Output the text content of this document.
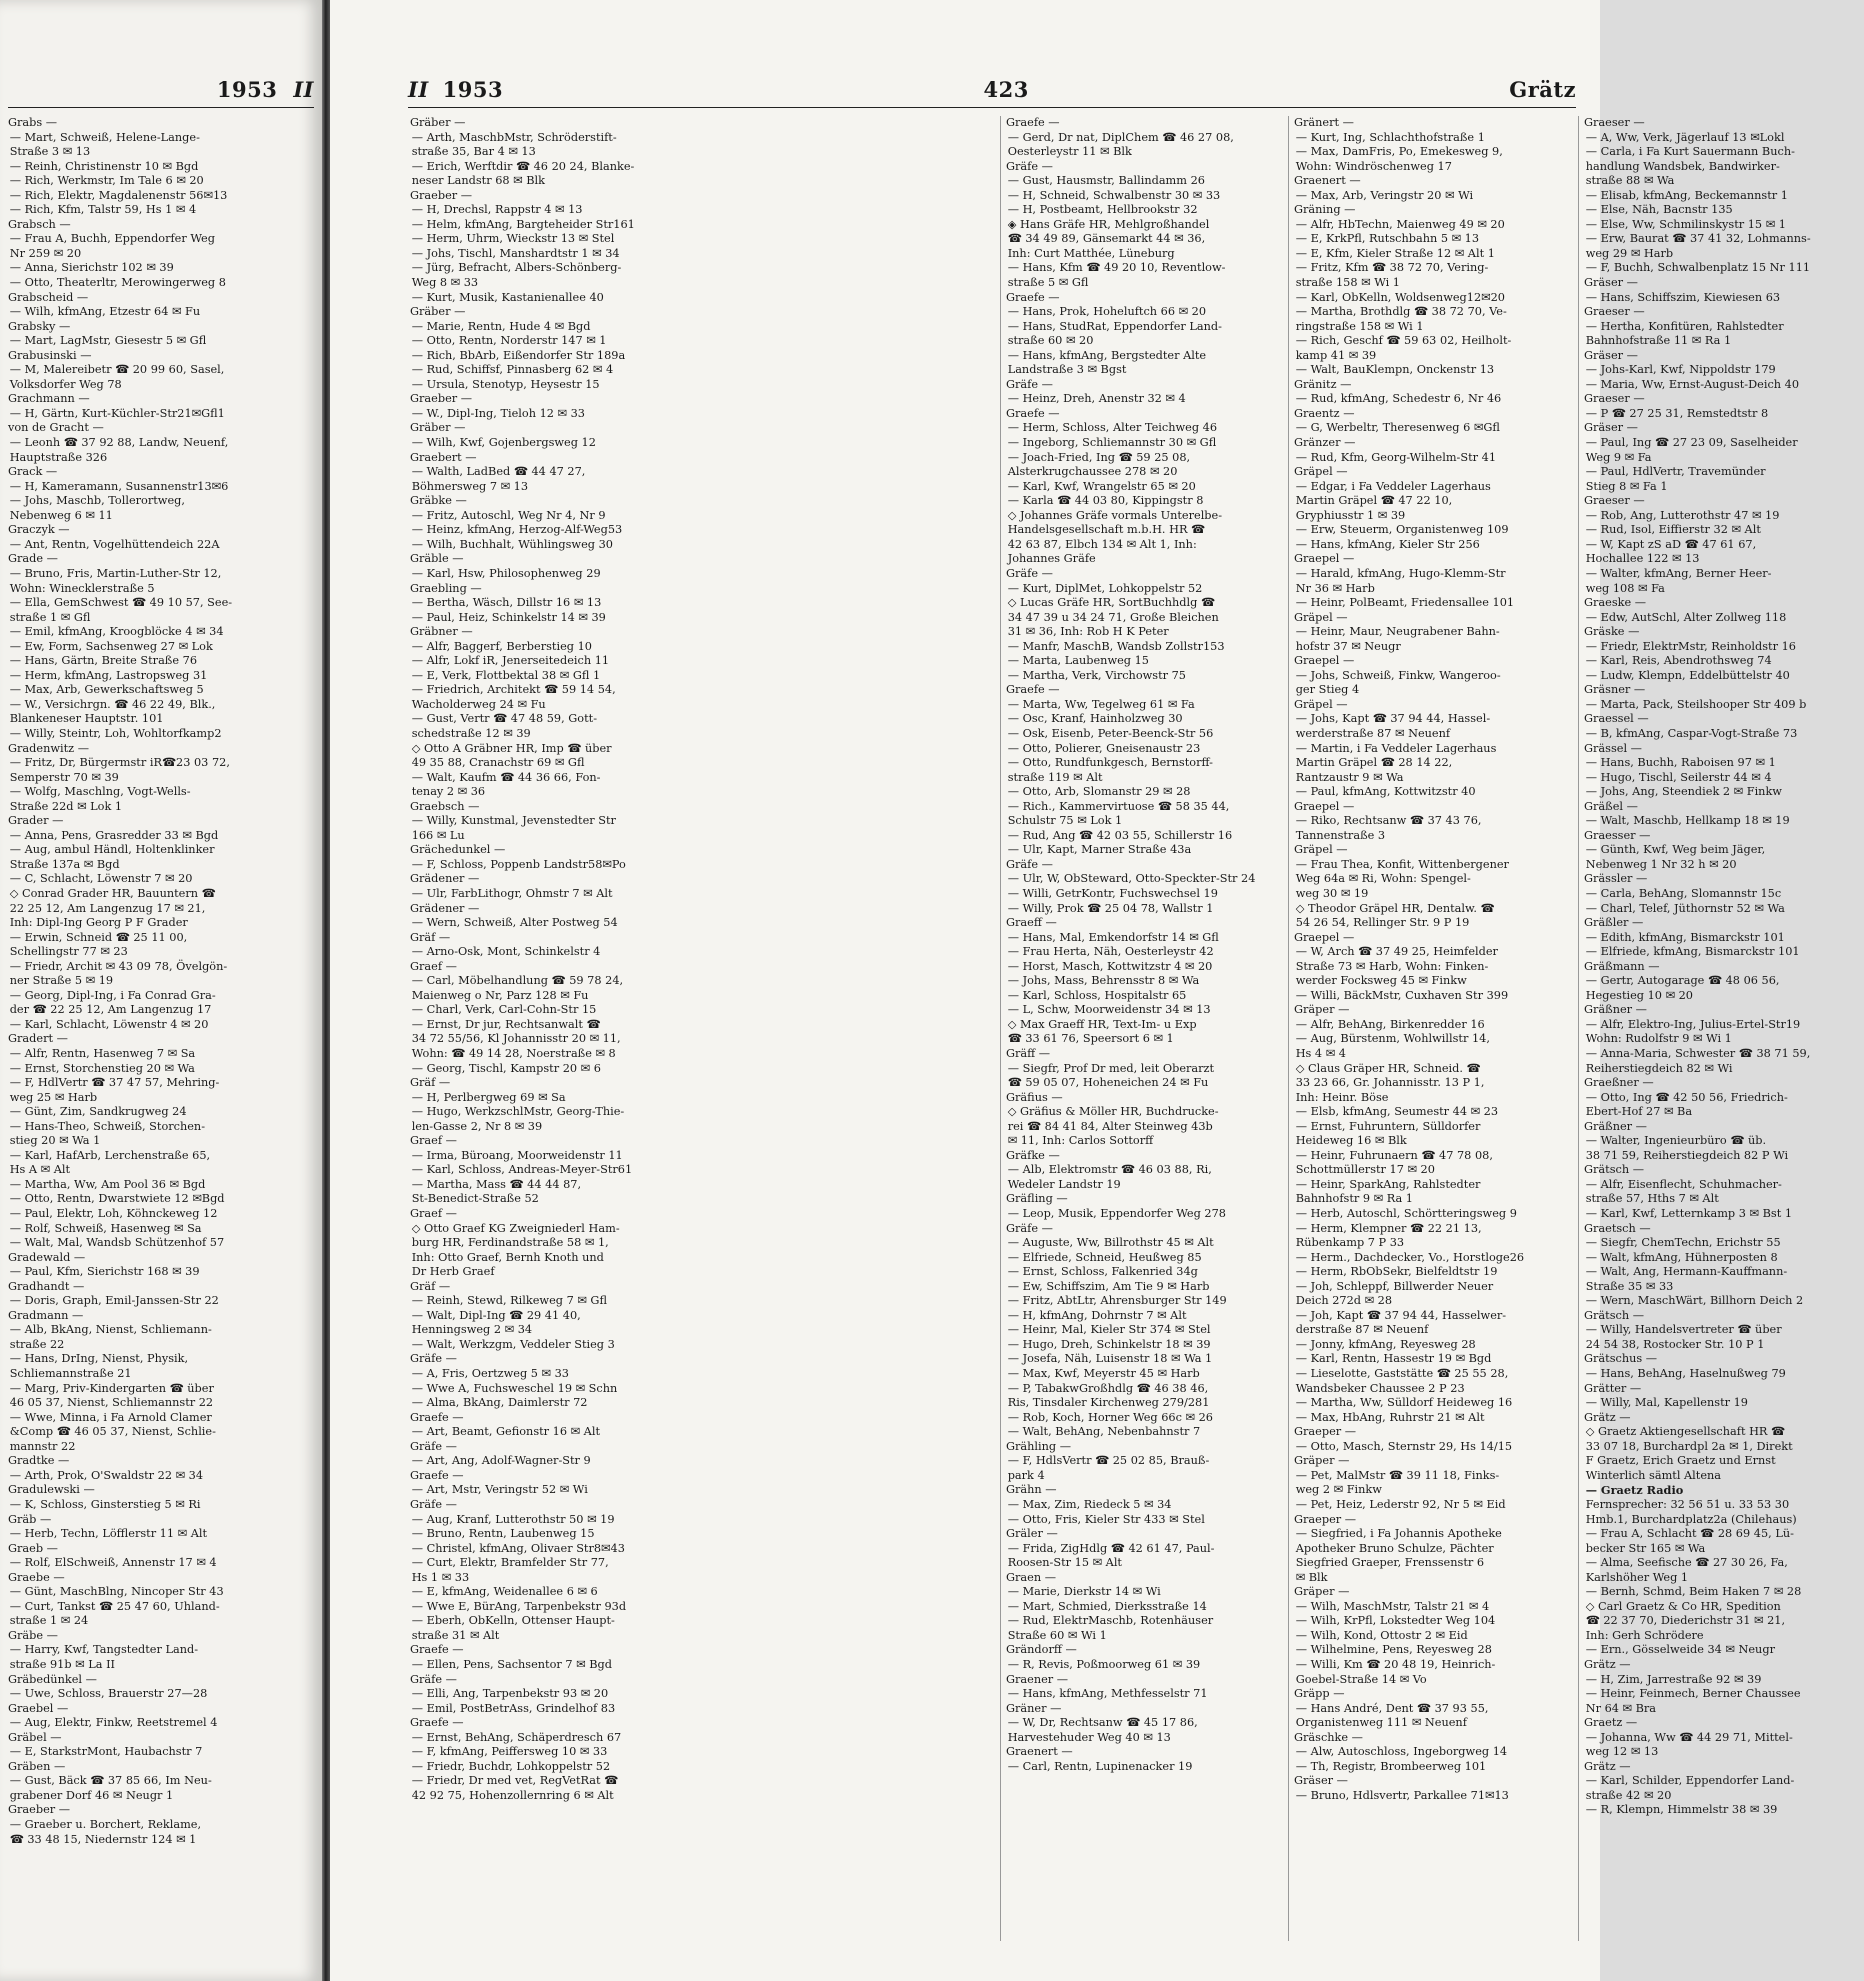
1953 II
Grabs —
— Mart, Schweiß, Helene-Lange-
Straße 3 ✉ 13
— Reinh, Christinenstr 10 ✉ Bgd
— Rich, Werkmstr, Im Tale 6 ✉ 20
— Rich, Elektr, Magdalenenstr 56✉13
— Rich, Kfm, Talstr 59, Hs 1 ✉ 4
Grabsch —
— Frau A, Buchh, Eppendorfer Weg
Nr 259 ✉ 20
— Anna, Sierichstr 102 ✉ 39
— Otto, Theaterltr, Merowingerweg 8
Grabscheid —
— Wilh, kfmAng, Etzestr 64 ✉ Fu
Grabsky —
— Mart, LagMstr, Giesestr 5 ✉ Gfl
Grabusinski —
— M, Malereibetr ☎ 20 99 60, Sasel,
Volksdorfer Weg 78
Grachmann —
— H, Gärtn, Kurt-Küchler-Str21✉Gfl1
von de Gracht —
— Leonh ☎ 37 92 88, Landw, Neuenf,
Hauptstraße 326
Grack —
— H, Kameramann, Susannenstr13✉6
— Johs, Maschb, Tollerortweg,
Nebenweg 6 ✉ 11
Graczyk —
— Ant, Rentn, Vogelhüttendeich 22A
Grade —
— Bruno, Fris, Martin-Luther-Str 12,
Wohn: Winecklerstraße 5
— Ella, GemSchwest ☎ 49 10 57, See-
straße 1 ✉ Gfl
— Emil, kfmAng, Kroogblöcke 4 ✉ 34
— Ew, Form, Sachsenweg 27 ✉ Lok
— Hans, Gärtn, Breite Straße 76
— Herm, kfmAng, Lastropsweg 31
— Max, Arb, Gewerkschaftsweg 5
— W., Versichrgn. ☎ 46 22 49, Blk.,
Blankeneser Hauptstr. 101
— Willy, Steintr, Loh, Wohltorfkamp2
Gradenwitz —
— Fritz, Dr, Bürgermstr iR☎23 03 72,
Semperstr 70 ✉ 39
— Wolfg, Maschlng, Vogt-Wells-
Straße 22d ✉ Lok 1
Grader —
— Anna, Pens, Grasredder 33 ✉ Bgd
— Aug, ambul Händl, Holtenklinker
Straße 137a ✉ Bgd
— C, Schlacht, Löwenstr 7 ✉ 20
◇ Conrad Grader HR, Bauuntern ☎
22 25 12, Am Langenzug 17 ✉ 21,
Inh: Dipl-Ing Georg P F Grader
— Erwin, Schneid ☎ 25 11 00,
Schellingstr 77 ✉ 23
— Friedr, Archit ✉ 43 09 78, Övelgön-
ner Straße 5 ✉ 19
— Georg, Dipl-Ing, i Fa Conrad Gra-
der ☎ 22 25 12, Am Langenzug 17
— Karl, Schlacht, Löwenstr 4 ✉ 20
Gradert —
— Alfr, Rentn, Hasenweg 7 ✉ Sa
— Ernst, Storchenstieg 20 ✉ Wa
— F, HdlVertr ☎ 37 47 57, Mehring-
weg 25 ✉ Harb
— Günt, Zim, Sandkrugweg 24
— Hans-Theo, Schweiß, Storchen-
stieg 20 ✉ Wa 1
— Karl, HafArb, Lerchenstraße 65,
Hs A ✉ Alt
— Martha, Ww, Am Pool 36 ✉ Bgd
— Otto, Rentn, Dwarstwiete 12 ✉Bgd
— Paul, Elektr, Loh, Köhnckeweg 12
— Rolf, Schweiß, Hasenweg ✉ Sa
— Walt, Mal, Wandsb Schützenhof 57
Gradewald —
— Paul, Kfm, Sierichstr 168 ✉ 39
Gradhandt —
— Doris, Graph, Emil-Janssen-Str 22
Gradmann —
— Alb, BkAng, Nienst, Schliemann-
straße 22
— Hans, DrIng, Nienst, Physik,
Schliemannstraße 21
— Marg, Priv-Kindergarten ☎ über
46 05 37, Nienst, Schliemannstr 22
— Wwe, Minna, i Fa Arnold Clamer
&Comp ☎ 46 05 37, Nienst, Schlie-
mannstr 22
Gradtke —
— Arth, Prok, O'Swaldstr 22 ✉ 34
Gradulewski —
— K, Schloss, Ginsterstieg 5 ✉ Ri
Gräb —
— Herb, Techn, Löfflerstr 11 ✉ Alt
Graeb —
— Rolf, ElSchweiß, Annenstr 17 ✉ 4
Graebe —
— Günt, MaschBlng, Nincoper Str 43
— Curt, Tankst ☎ 25 47 60, Uhland-
straße 1 ✉ 24
Gräbe —
— Harry, Kwf, Tangstedter Land-
straße 91b ✉ La II
Gräbedünkel —
— Uwe, Schloss, Brauerstr 27—28
Graebel —
— Aug, Elektr, Finkw, Reetstremel 4
Gräbel —
— E, StarkstrMont, Haubachstr 7
Gräben —
— Gust, Bäck ☎ 37 85 66, Im Neu-
grabener Dorf 46 ✉ Neugr 1
Graeber —
— Graeber u. Borchert, Reklame,
☎ 33 48 15, Niedernstr 124 ✉ 1
II 1953	423	Grätz
Gräber —
— Arth, MaschbMstr, Schröderstift-
straße 35, Bar 4 ✉ 13
— Erich, Werftdir ☎ 46 20 24, Blanke-
neser Landstr 68 ✉ Blk
Graeber —
— H, Drechsl, Rappstr 4 ✉ 13
— Helm, kfmAng, Bargteheider Str161
— Herm, Uhrm, Wieckstr 13 ✉ Stel
— Johs, Tischl, Manshardtstr 1 ✉ 34
— Jürg, Befracht, Albers-Schönberg-
Weg 8 ✉ 33
— Kurt, Musik, Kastanienallee 40
Gräber —
— Marie, Rentn, Hude 4 ✉ Bgd
— Otto, Rentn, Norderstr 147 ✉ 1
— Rich, BbArb, Eißendorfer Str 189a
— Rud, Schiffsf, Pinnasberg 62 ✉ 4
— Ursula, Stenotyp, Heysestr 15
Graeber —
— W., Dipl-Ing, Tieloh 12 ✉ 33
Gräber —
— Wilh, Kwf, Gojenbergsweg 12
Graebert —
— Walth, LadBed ☎ 44 47 27,
Böhmersweg 7 ✉ 13
Gräbke —
— Fritz, Autoschl, Weg Nr 4, Nr 9
— Heinz, kfmAng, Herzog-Alf-Weg53
— Wilh, Buchhalt, Wühlingsweg 30
Gräble —
— Karl, Hsw, Philosophenweg 29
Graebling —
— Bertha, Wäsch, Dillstr 16 ✉ 13
— Paul, Heiz, Schinkelstr 14 ✉ 39
Gräbner —
— Alfr, Baggerf, Berberstieg 10
— Alfr, Lokf iR, Jenerseitedeich 11
— E, Verk, Flottbektal 38 ✉ Gfl 1
— Friedrich, Architekt ☎ 59 14 54,
Wacholderweg 24 ✉ Fu
— Gust, Vertr ☎ 47 48 59, Gott-
schedstraße 12 ✉ 39
◇ Otto A Gräbner HR, Imp ☎ über
49 35 88, Cranachstr 69 ✉ Gfl
— Walt, Kaufm ☎ 44 36 66, Fon-
tenay 2 ✉ 36
Graebsch —
— Willy, Kunstmal, Jevenstedter Str
166 ✉ Lu
Grächedunkel —
— F, Schloss, Poppenb Landstr58✉Po
Grädener —
— Ulr, FarbLithogr, Ohmstr 7 ✉ Alt
Grädener —
— Wern, Schweiß, Alter Postweg 54
Gräf —
— Arno-Osk, Mont, Schinkelstr 4
Graef —
— Carl, Möbelhandlung ☎ 59 78 24,
Maienweg o Nr, Parz 128 ✉ Fu
— Charl, Verk, Carl-Cohn-Str 15
— Ernst, Dr jur, Rechtsanwalt ☎
34 72 55/56, Kl Johannisstr 20 ✉ 11,
Wohn: ☎ 49 14 28, Noerstraße ✉ 8
— Georg, Tischl, Kampstr 20 ✉ 6
Gräf —
— H, Perlbergweg 69 ✉ Sa
— Hugo, WerkzschlMstr, Georg-Thie-
len-Gasse 2, Nr 8 ✉ 39
Graef —
— Irma, Büroang, Moorweidenstr 11
— Karl, Schloss, Andreas-Meyer-Str61
— Martha, Mass ☎ 44 44 87,
St-Benedict-Straße 52
Graef —
◇ Otto Graef KG Zweigniederl Ham-
burg HR, Ferdinandstraße 58 ✉ 1,
Inh: Otto Graef, Bernh Knoth und
Dr Herb Graef
Gräf —
— Reinh, Stewd, Rilkeweg 7 ✉ Gfl
— Walt, Dipl-Ing ☎ 29 41 40,
Henningsweg 2 ✉ 34
— Walt, Werkzgm, Veddeler Stieg 3
Gräfe —
— A, Fris, Oertzweg 5 ✉ 33
— Wwe A, Fuchsweschel 19 ✉ Schn
— Alma, BkAng, Daimlerstr 72
Graefe —
— Art, Beamt, Gefionstr 16 ✉ Alt
Gräfe —
— Art, Ang, Adolf-Wagner-Str 9
Graefe —
— Art, Mstr, Veringstr 52 ✉ Wi
Gräfe —
— Aug, Kranf, Lutterothstr 50 ✉ 19
— Bruno, Rentn, Laubenweg 15
— Christel, kfmAng, Olivaer Str8✉43
— Curt, Elektr, Bramfelder Str 77,
Hs 1 ✉ 33
— E, kfmAng, Weidenallee 6 ✉ 6
— Wwe E, BürAng, Tarpenbekstr 93d
— Eberh, ObKelln, Ottenser Haupt-
straße 31 ✉ Alt
Graefe —
— Ellen, Pens, Sachsentor 7 ✉ Bgd
Gräfe —
— Elli, Ang, Tarpenbekstr 93 ✉ 20
— Emil, PostBetrAss, Grindelhof 83
Graefe —
— Ernst, BehAng, Schäperdresch 67
— F, kfmAng, Peiffersweg 10 ✉ 33
— Friedr, Buchdr, Lohkoppelstr 52
— Friedr, Dr med vet, RegVetRat ☎
42 92 75, Hohenzollernring 6 ✉ Alt
Graefe —
— Gerd, Dr nat, DiplChem ☎ 46 27 08,
Oesterleystr 11 ✉ Blk
Gräfe —
— Gust, Hausmstr, Ballindamm 26
— H, Schneid, Schwalbenstr 30 ✉ 33
— H, Postbeamt, Hellbrookstr 32
◈ Hans Gräfe HR, Mehlgroßhandel
☎ 34 49 89, Gänsemarkt 44 ✉ 36,
Inh: Curt Matthée, Lüneburg
— Hans, Kfm ☎ 49 20 10, Reventlow-
straße 5 ✉ Gfl
Graefe —
— Hans, Prok, Hoheluftch 66 ✉ 20
— Hans, StudRat, Eppendorfer Land-
straße 60 ✉ 20
— Hans, kfmAng, Bergstedter Alte
Landstraße 3 ✉ Bgst
Gräfe —
— Heinz, Dreh, Anenstr 32 ✉ 4
Graefe —
— Herm, Schloss, Alter Teichweg 46
— Ingeborg, Schliemannstr 30 ✉ Gfl
— Joach-Fried, Ing ☎ 59 25 08,
Alsterkrugchaussee 278 ✉ 20
— Karl, Kwf, Wrangelstr 65 ✉ 20
— Karla ☎ 44 03 80, Kippingstr 8
◇ Johannes Gräfe vormals Unterelbe-
Handelsgesellschaft m.b.H. HR ☎
42 63 87, Elbch 134 ✉ Alt 1, Inh:
Johannes Gräfe
Gräfe —
— Kurt, DiplMet, Lohkoppelstr 52
◇ Lucas Gräfe HR, SortBuchhdlg ☎
34 47 39 u 34 24 71, Große Bleichen
31 ✉ 36, Inh: Rob H K Peter
— Manfr, MaschB, Wandsb Zollstr153
— Marta, Laubenweg 15
— Martha, Verk, Virchowstr 75
Graefe —
— Marta, Ww, Tegelweg 61 ✉ Fa
— Osc, Kranf, Hainholzweg 30
— Osk, Eisenb, Peter-Beenck-Str 56
— Otto, Polierer, Gneisenaustr 23
— Otto, Rundfunkgesch, Bernstorff-
straße 119 ✉ Alt
— Otto, Arb, Slomanstr 29 ✉ 28
— Rich., Kammervirtuose ☎ 58 35 44,
Schulstr 75 ✉ Lok 1
— Rud, Ang ☎ 42 03 55, Schillerstr 16
— Ulr, Kapt, Marner Straße 43a
Gräfe —
— Ulr, W, ObSteward, Otto-Speckter-Str 24
— Willi, GetrKontr, Fuchswechsel 19
— Willy, Prok ☎ 25 04 78, Wallstr 1
Graeff —
— Hans, Mal, Emkendorfstr 14 ✉ Gfl
— Frau Herta, Näh, Oesterleystr 42
— Horst, Masch, Kottwitzstr 4 ✉ 20
— Johs, Mass, Behrensstr 8 ✉ Wa
— Karl, Schloss, Hospitalstr 65
— L, Schw, Moorweidenstr 34 ✉ 13
◇ Max Graeff HR, Text-Im- u Exp
☎ 33 61 76, Speersort 6 ✉ 1
Gräff —
— Siegfr, Prof Dr med, leit Oberarzt
☎ 59 05 07, Hoheneichen 24 ✉ Fu
Gräfius —
◇ Gräfius & Möller HR, Buchdrucke-
rei ☎ 84 41 84, Alter Steinweg 43b
✉ 11, Inh: Carlos Sottorff
Gräfke —
— Alb, Elektromstr ☎ 46 03 88, Ri,
Wedeler Landstr 19
Gräfling —
— Leop, Musik, Eppendorfer Weg 278
Gräfe —
— Auguste, Ww, Billrothstr 45 ✉ Alt
— Elfriede, Schneid, Heußweg 85
— Ernst, Schloss, Falkenried 34g
— Ew, Schiffszim, Am Tie 9 ✉ Harb
— Fritz, AbtLtr, Ahrensburger Str 149
— H, kfmAng, Dohrnstr 7 ✉ Alt
— Heinr, Mal, Kieler Str 374 ✉ Stel
— Hugo, Dreh, Schinkelstr 18 ✉ 39
— Josefa, Näh, Luisenstr 18 ✉ Wa 1
— Max, Kwf, Meyerstr 45 ✉ Harb
— P, TabakwGroßhdlg ☎ 46 38 46,
Ris, Tinsdaler Kirchenweg 279/281
— Rob, Koch, Horner Weg 66c ✉ 26
— Walt, BehAng, Nebenbahnstr 7
Grähling —
— F, HdlsVertr ☎ 25 02 85, Brauß-
park 4
Grähn —
— Max, Zim, Riedeck 5 ✉ 34
— Otto, Fris, Kieler Str 433 ✉ Stel
Gräler —
— Frida, ZigHdlg ☎ 42 61 47, Paul-
Roosen-Str 15 ✉ Alt
Graen —
— Marie, Dierkstr 14 ✉ Wi
— Mart, Schmied, Dierksstraße 14
— Rud, ElektrMaschb, Rotenhäuser
Straße 60 ✉ Wi 1
Grändorff —
— R, Revis, Poßmoorweg 61 ✉ 39
Graener —
— Hans, kfmAng, Methfesselstr 71
Gräner —
— W, Dr, Rechtsanw ☎ 45 17 86,
Harvestehuder Weg 40 ✉ 13
Graenert —
— Carl, Rentn, Lupinenacker 19
Gränert —
— Kurt, Ing, Schlachthofstraße 1
— Max, DamFris, Po, Emekesweg 9,
Wohn: Windröschenweg 17
Graenert —
— Max, Arb, Veringstr 20 ✉ Wi
Gräning —
— Alfr, HbTechn, Maienweg 49 ✉ 20
— E, KrkPfl, Rutschbahn 5 ✉ 13
— E, Kfm, Kieler Straße 12 ✉ Alt 1
— Fritz, Kfm ☎ 38 72 70, Vering-
straße 158 ✉ Wi 1
— Karl, ObKelln, Woldsenweg12✉20
— Martha, Brothdlg ☎ 38 72 70, Ve-
ringstraße 158 ✉ Wi 1
— Rich, Geschf ☎ 59 63 02, Heilholt-
kamp 41 ✉ 39
— Walt, BauKlempn, Onckenstr 13
Gränitz —
— Rud, kfmAng, Schedestr 6, Nr 46
Graentz —
— G, Werbeltr, Theresenweg 6 ✉Gfl
Gränzer —
— Rud, Kfm, Georg-Wilhelm-Str 41
Gräpel —
— Edgar, i Fa Veddeler Lagerhaus
Martin Gräpel ☎ 47 22 10,
Gryphiusstr 1 ✉ 39
— Erw, Steuerm, Organistenweg 109
— Hans, kfmAng, Kieler Str 256
Graepel —
— Harald, kfmAng, Hugo-Klemm-Str
Nr 36 ✉ Harb
— Heinr, PolBeamt, Friedensallee 101
Gräpel —
— Heinr, Maur, Neugrabener Bahn-
hofstr 37 ✉ Neugr
Graepel —
— Johs, Schweiß, Finkw, Wangeroo-
ger Stieg 4
Gräpel —
— Johs, Kapt ☎ 37 94 44, Hassel-
werderstraße 87 ✉ Neuenf
— Martin, i Fa Veddeler Lagerhaus
Martin Gräpel ☎ 28 14 22,
Rantzaustr 9 ✉ Wa
— Paul, kfmAng, Kottwitzstr 40
Graepel —
— Riko, Rechtsanw ☎ 37 43 76,
Tannenstraße 3
Gräpel —
— Frau Thea, Konfit, Wittenbergener
Weg 64a ✉ Ri, Wohn: Spengel-
weg 30 ✉ 19
◇ Theodor Gräpel HR, Dentalw. ☎
54 26 54, Rellinger Str. 9 P 19
Graepel —
— W, Arch ☎ 37 49 25, Heimfelder
Straße 73 ✉ Harb, Wohn: Finken-
werder Focksweg 45 ✉ Finkw
— Willi, BäckMstr, Cuxhaven Str 399
Gräper —
— Alfr, BehAng, Birkenredder 16
— Aug, Bürstenm, Wohlwillstr 14,
Hs 4 ✉ 4
◇ Claus Gräper HR, Schneid. ☎
33 23 66, Gr. Johannisstr. 13 P 1,
Inh: Heinr. Böse
— Elsb, kfmAng, Seumestr 44 ✉ 23
— Ernst, Fuhruntern, Sülldorfer
Heideweg 16 ✉ Blk
— Heinr, Fuhrunaern ☎ 47 78 08,
Schottmüllerstr 17 ✉ 20
— Heinr, SparkAng, Rahlstedter
Bahnhofstr 9 ✉ Ra 1
— Herb, Autoschl, Schörtteringsweg 9
— Herm, Klempner ☎ 22 21 13,
Rübenkamp 7 P 33
— Herm., Dachdecker, Vo., Horstloge26
— Herm, RbObSekr, Bielfeldtstr 19
— Joh, Schleppf, Billwerder Neuer
Deich 272d ✉ 28
— Joh, Kapt ☎ 37 94 44, Hasselwer-
derstraße 87 ✉ Neuenf
— Jonny, kfmAng, Reyesweg 28
— Karl, Rentn, Hassestr 19 ✉ Bgd
— Lieselotte, Gaststätte ☎ 25 55 28,
Wandsbeker Chaussee 2 P 23
— Martha, Ww, Sülldorf Heideweg 16
— Max, HbAng, Ruhrstr 21 ✉ Alt
Graeper —
— Otto, Masch, Sternstr 29, Hs 14/15
Gräper —
— Pet, MalMstr ☎ 39 11 18, Finks-
weg 2 ✉ Finkw
— Pet, Heiz, Lederstr 92, Nr 5 ✉ Eid
Graeper —
— Siegfried, i Fa Johannis Apotheke
Apotheker Bruno Schulze, Pächter
Siegfried Graeper, Frenssenstr 6
✉ Blk
Gräper —
— Wilh, MaschMstr, Talstr 21 ✉ 4
— Wilh, KrPfl, Lokstedter Weg 104
— Wilh, Kond, Ottostr 2 ✉ Eid
— Wilhelmine, Pens, Reyesweg 28
— Willi, Km ☎ 20 48 19, Heinrich-
Goebel-Straße 14 ✉ Vo
Gräpp —
— Hans André, Dent ☎ 37 93 55,
Organistenweg 111 ✉ Neuenf
Gräschke —
— Alw, Autoschloss, Ingeborgweg 14
— Th, Registr, Brombeerweg 101
Gräser —
— Bruno, Hdlsvertr, Parkallee 71✉13
Graeser —
— A, Ww, Verk, Jägerlauf 13 ✉Lokl
— Carla, i Fa Kurt Sauermann Buch-
handlung Wandsbek, Bandwirker-
straße 88 ✉ Wa
— Elisab, kfmAng, Beckemannstr 1
— Else, Näh, Bacnstr 135
— Else, Ww, Schmilinskystr 15 ✉ 1
— Erw, Baurat ☎ 37 41 32, Lohmanns-
weg 29 ✉ Harb
— F, Buchh, Schwalbenplatz 15 Nr 111
Gräser —
— Hans, Schiffszim, Kiewiesen 63
Graeser —
— Hertha, Konfitüren, Rahlstedter
Bahnhofstraße 11 ✉ Ra 1
Gräser —
— Johs-Karl, Kwf, Nippoldstr 179
— Maria, Ww, Ernst-August-Deich 40
Graeser —
— P ☎ 27 25 31, Remstedtstr 8
Gräser —
— Paul, Ing ☎ 27 23 09, Saselheider
Weg 9 ✉ Fa
— Paul, HdlVertr, Travemünder
Stieg 8 ✉ Fa 1
Graeser —
— Rob, Ang, Lutterothstr 47 ✉ 19
— Rud, Isol, Eiffierstr 32 ✉ Alt
— W, Kapt zS aD ☎ 47 61 67,
Hochallee 122 ✉ 13
— Walter, kfmAng, Berner Heer-
weg 108 ✉ Fa
Graeske —
— Edw, AutSchl, Alter Zollweg 118
Gräske —
— Friedr, ElektrMstr, Reinholdstr 16
— Karl, Reis, Abendrothsweg 74
— Ludw, Klempn, Eddelbüttelstr 40
Gräsner —
— Marta, Pack, Steilshooper Str 409 b
Graessel —
— B, kfmAng, Caspar-Vogt-Straße 73
Grässel —
— Hans, Buchh, Raboisen 97 ✉ 1
— Hugo, Tischl, Seilerstr 44 ✉ 4
— Johs, Ang, Steendiek 2 ✉ Finkw
Gräßel —
— Walt, Maschb, Hellkamp 18 ✉ 19
Graesser —
— Günth, Kwf, Weg beim Jäger,
Nebenweg 1 Nr 32 h ✉ 20
Grässler —
— Carla, BehAng, Slomannstr 15c
— Charl, Telef, Jüthornstr 52 ✉ Wa
Gräßler —
— Edith, kfmAng, Bismarckstr 101
— Elfriede, kfmAng, Bismarckstr 101
Gräßmann —
— Gertr, Autogarage ☎ 48 06 56,
Hegestieg 10 ✉ 20
Gräßner —
— Alfr, Elektro-Ing, Julius-Ertel-Str19
Wohn: Rudolfstr 9 ✉ Wi 1
— Anna-Maria, Schwester ☎ 38 71 59,
Reiherstiegdeich 82 ✉ Wi
Graeßner —
— Otto, Ing ☎ 42 50 56, Friedrich-
Ebert-Hof 27 ✉ Ba
Gräßner —
— Walter, Ingenieurbüro ☎ üb.
38 71 59, Reiherstiegdeich 82 P Wi
Grätsch —
— Alfr, Eisenflecht, Schuhmacher-
straße 57, Hths 7 ✉ Alt
— Karl, Kwf, Letternkamp 3 ✉ Bst 1
Graetsch —
— Siegfr, ChemTechn, Erichstr 55
— Walt, kfmAng, Hühnerposten 8
— Walt, Ang, Hermann-Kauffmann-
Straße 35 ✉ 33
— Wern, MaschWärt, Billhorn Deich 2
Grätsch —
— Willy, Handelsvertreter ☎ über
24 54 38, Rostocker Str. 10 P 1
Grätschus —
— Hans, BehAng, Haselnußweg 79
Grätter —
— Willy, Mal, Kapellenstr 19
Grätz —
◇ Graetz Aktiengesellschaft HR ☎
33 07 18, Burchardpl 2a ✉ 1, Direkt
F Graetz, Erich Graetz und Ernst
Winterlich sämtl Altena
— Graetz Radio
Fernsprecher: 32 56 51 u. 33 53 30
Hmb.1, Burchardplatz2a (Chilehaus)
— Frau A, Schlacht ☎ 28 69 45, Lü-
becker Str 165 ✉ Wa
— Alma, Seefische ☎ 27 30 26, Fa,
Karlshöher Weg 1
— Bernh, Schmd, Beim Haken 7 ✉ 28
◇ Carl Graetz & Co HR, Spedition
☎ 22 37 70, Diederichstr 31 ✉ 21,
Inh: Gerh Schrödere
— Ern., Gösselweide 34 ✉ Neugr
Grätz —
— H, Zim, Jarrestraße 92 ✉ 39
— Heinr, Feinmech, Berner Chaussee
Nr 64 ✉ Bra
Graetz —
— Johanna, Ww ☎ 44 29 71, Mittel-
weg 12 ✉ 13
Grätz —
— Karl, Schilder, Eppendorfer Land-
straße 42 ✉ 20
— R, Klempn, Himmelstr 38 ✉ 39
